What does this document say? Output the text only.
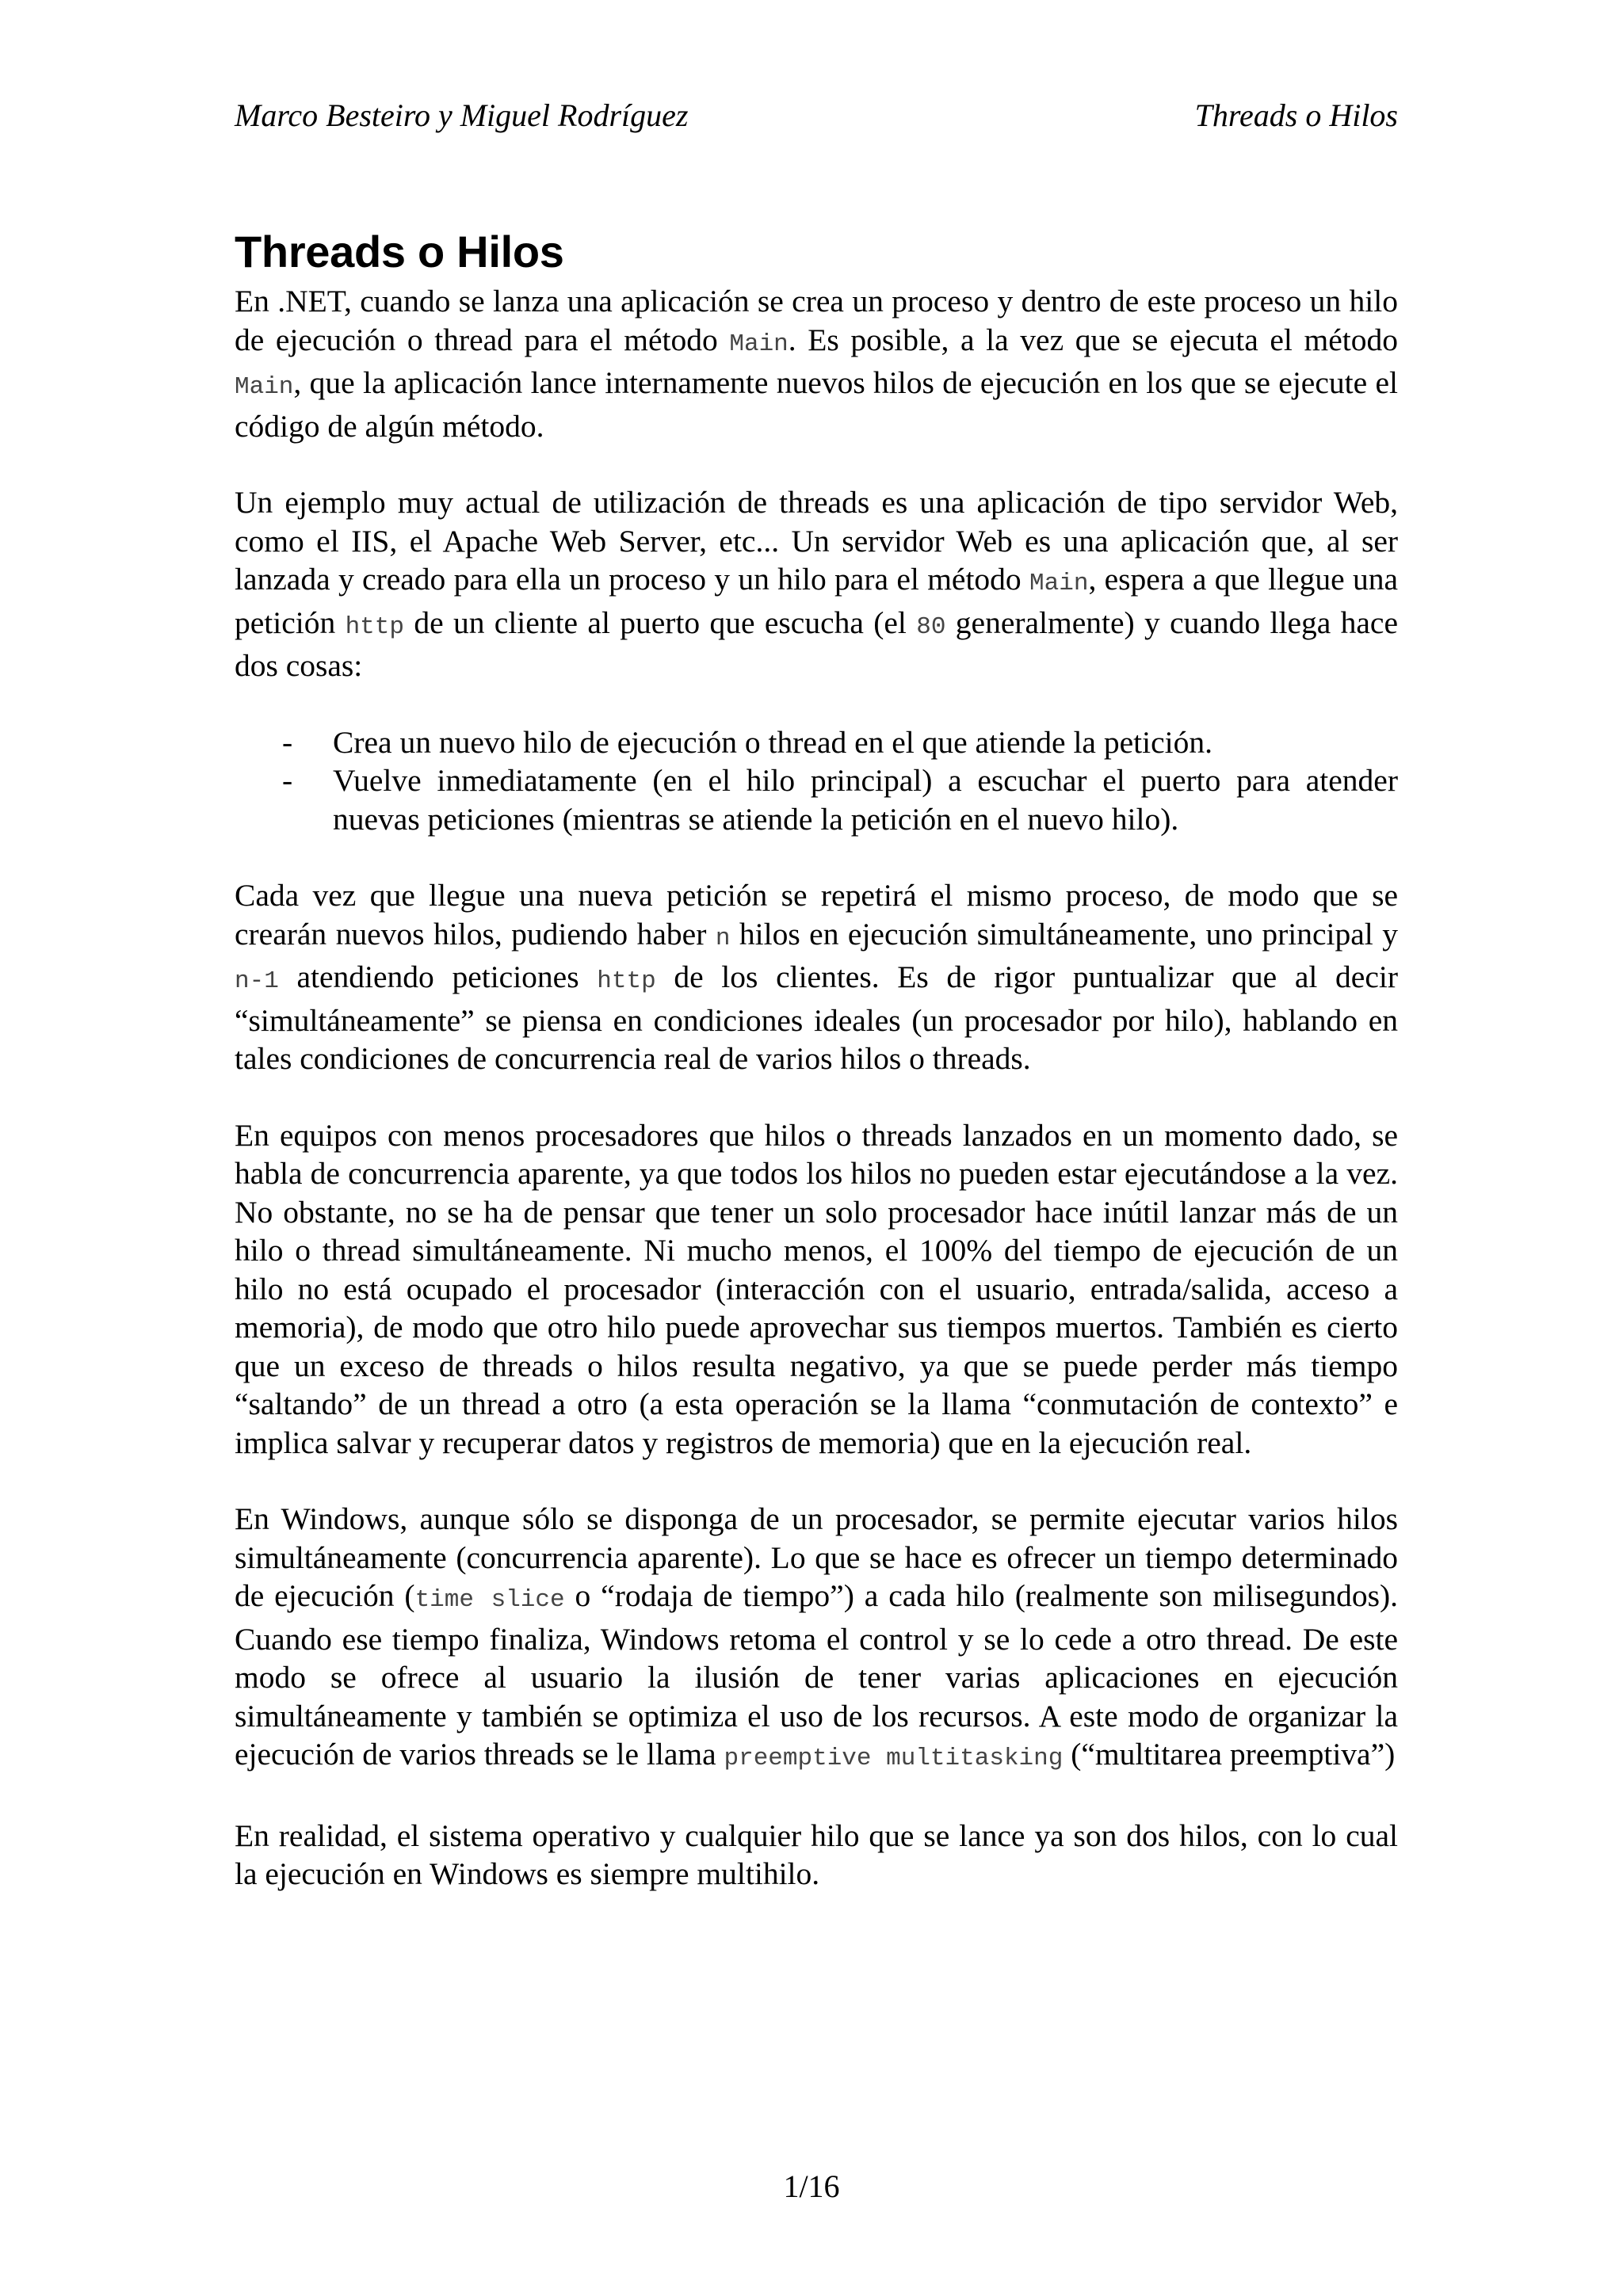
Marco Besteiro y Miguel Rodríguez	Threads o Hilos
Threads o Hilos

En .NET, cuando se lanza una aplicación se crea un proceso y dentro de este proceso un hilo de ejecución o thread para el método Main. Es posible, a la vez que se ejecuta el método Main, que la aplicación lance internamente nuevos hilos de ejecución en los que se ejecute el código de algún método.

Un ejemplo muy actual de utilización de threads es una aplicación de tipo servidor Web, como el IIS, el Apache Web Server, etc... Un servidor Web es una aplicación que, al ser lanzada y creado para ella un proceso y un hilo para el método Main, espera a que llegue una petición http de un cliente al puerto que escucha (el 80 generalmente) y cuando llega hace dos cosas:

- Crea un nuevo hilo de ejecución o thread en el que atiende la petición.
- Vuelve inmediatamente (en el hilo principal) a escuchar el puerto para atender nuevas peticiones (mientras se atiende la petición en el nuevo hilo).

Cada vez que llegue una nueva petición se repetirá el mismo proceso, de modo que se crearán nuevos hilos, pudiendo haber n hilos en ejecución simultáneamente, uno principal y n-1 atendiendo peticiones http de los clientes. Es de rigor puntualizar que al decir “simultáneamente” se piensa en condiciones ideales (un procesador por hilo), hablando en tales condiciones de concurrencia real de varios hilos o threads.

En equipos con menos procesadores que hilos o threads lanzados en un momento dado, se habla de concurrencia aparente, ya que todos los hilos no pueden estar ejecutándose a la vez. No obstante, no se ha de pensar que tener un solo procesador hace inútil lanzar más de un hilo o thread simultáneamente. Ni mucho menos, el 100% del tiempo de ejecución de un hilo no está ocupado el procesador (interacción con el usuario, entrada/salida, acceso a memoria), de modo que otro hilo puede aprovechar sus tiempos muertos. También es cierto que un exceso de threads o hilos resulta negativo, ya que se puede perder más tiempo “saltando” de un thread a otro (a esta operación se la llama “conmutación de contexto” e implica salvar y recuperar datos y registros de memoria) que en la ejecución real.

En Windows, aunque sólo se disponga de un procesador, se permite ejecutar varios hilos simultáneamente (concurrencia aparente). Lo que se hace es ofrecer un tiempo determinado de ejecución (time slice o “rodaja de tiempo”) a cada hilo (realmente son milisegundos). Cuando ese tiempo finaliza, Windows retoma el control y se lo cede a otro thread. De este modo se ofrece al usuario la ilusión de tener varias aplicaciones en ejecución simultáneamente y también se optimiza el uso de los recursos. A este modo de organizar la ejecución de varios threads se le llama preemptive multitasking (“multitarea preemptiva”)

En realidad, el sistema operativo y cualquier hilo que se lance ya son dos hilos, con lo cual la ejecución en Windows es siempre multihilo.

1/16
